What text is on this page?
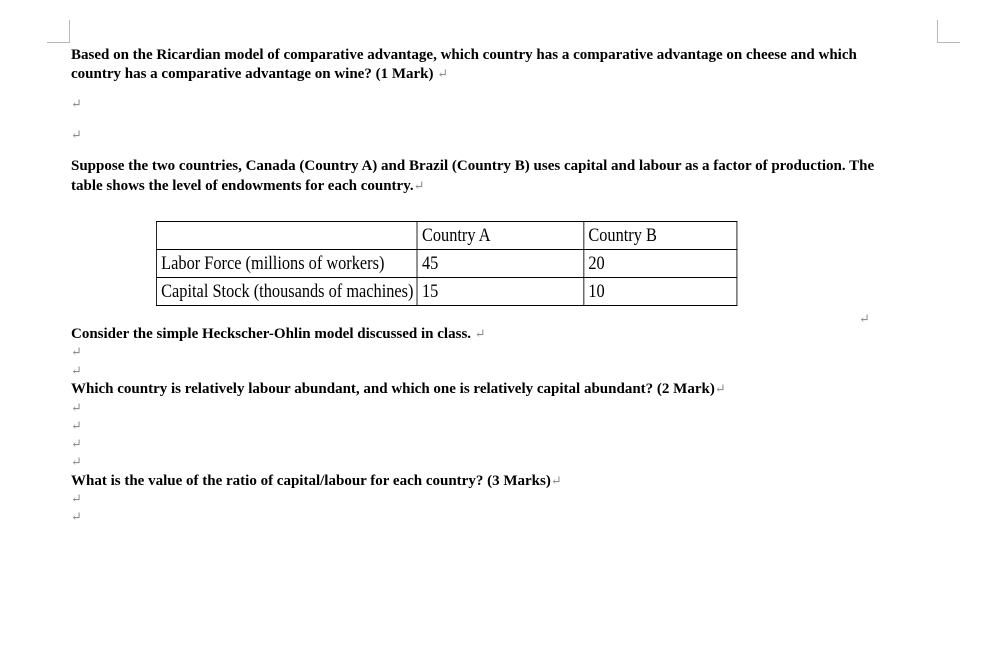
Based on the Ricardian model of comparative advantage, which country has a comparative advantage on cheese and which
country has a comparative advantage on wine? (1 Mark) ↵
↵
↵
Suppose the two countries, Canada (Country A) and Brazil (Country B) uses capital and labour as a factor of production. The
table shows the level of endowments for each country.↵
	Country A	Country B
Labor Force (millions of workers)	45	20
Capital Stock (thousands of machines)	15	10
↵
Consider the simple Heckscher-Ohlin model discussed in class. ↵
↵
↵
Which country is relatively labour abundant, and which one is relatively capital abundant? (2 Mark)↵
↵
↵
↵
↵
What is the value of the ratio of capital/labour for each country? (3 Marks)↵
↵
↵
